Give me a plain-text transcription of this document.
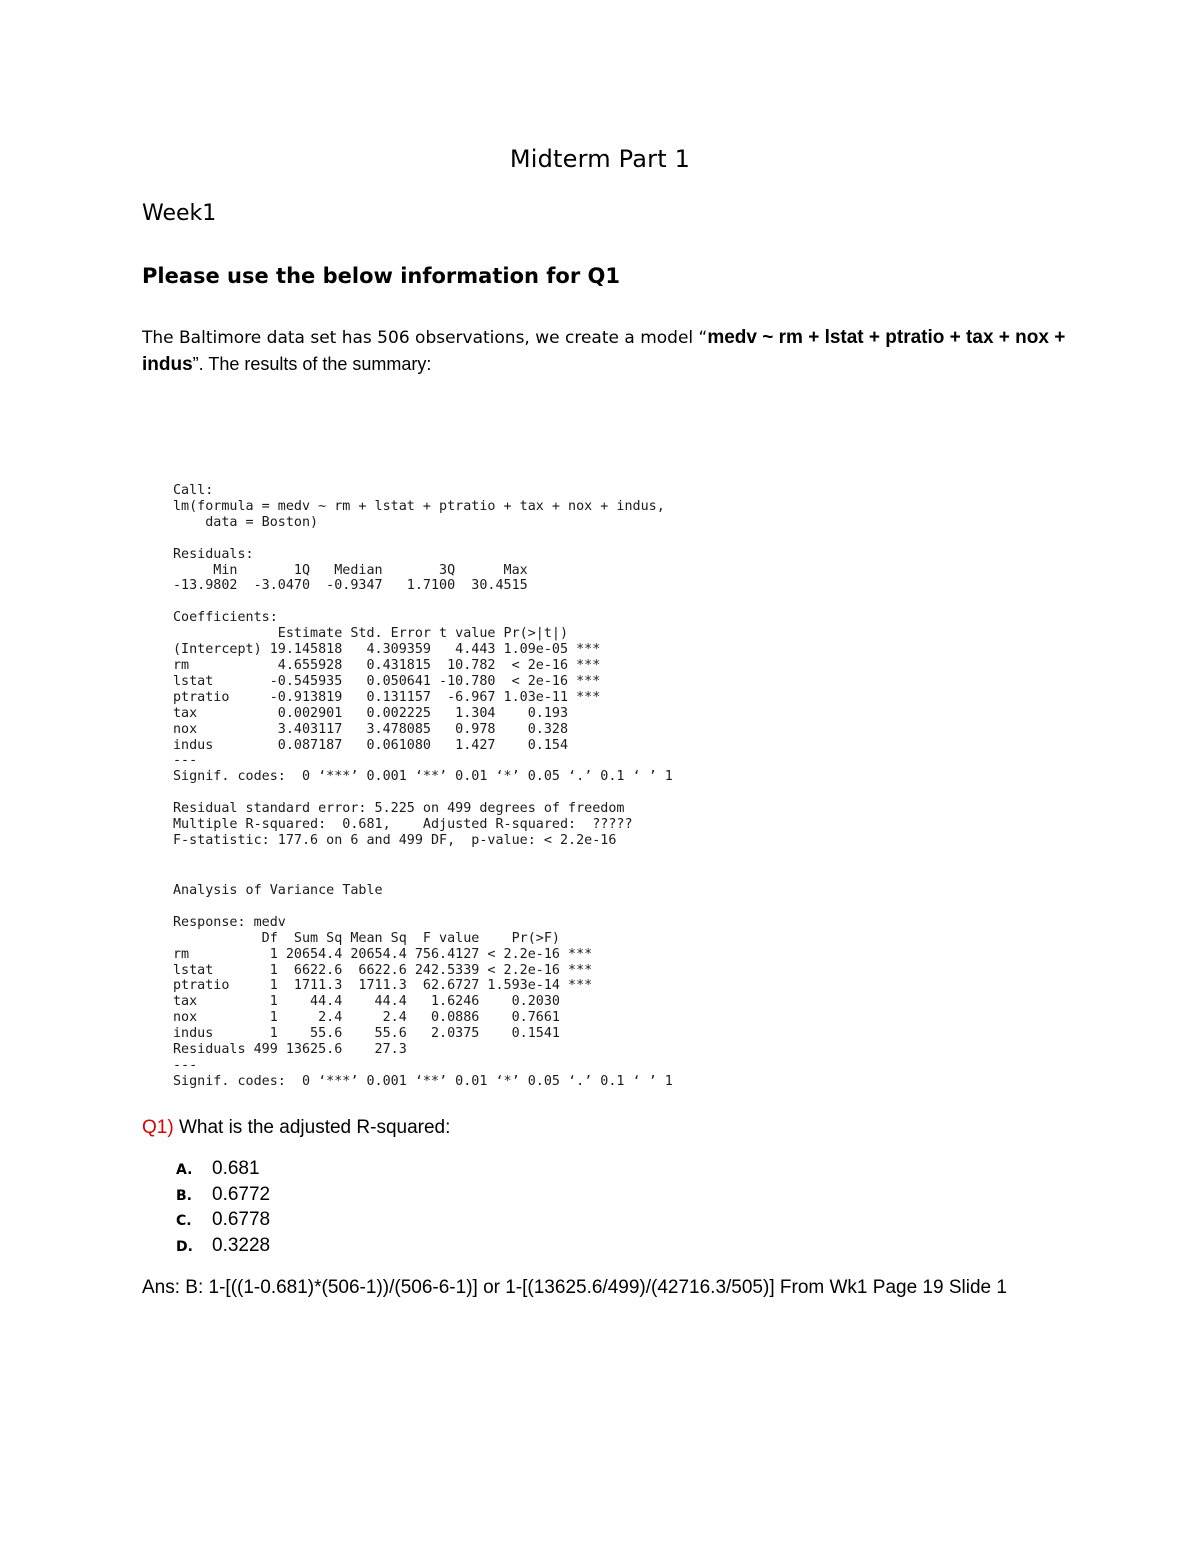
Midterm Part 1
Week1
Please use the below information for Q1
The Baltimore data set has 506 observations, we create a model “medv ~ rm + lstat + ptratio + tax + nox + indus”. The results of the summary:
Call:
lm(formula = medv ~ rm + lstat + ptratio + tax + nox + indus,
data = Boston)

Residuals:
Min       1Q   Median       3Q      Max
-13.9802  -3.0470  -0.9347   1.7100  30.4515

Coefficients:
Estimate Std. Error t value Pr(>|t|)
(Intercept) 19.145818   4.309359   4.443 1.09e-05 ***
rm           4.655928   0.431815  10.782  < 2e-16 ***
lstat       -0.545935   0.050641 -10.780  < 2e-16 ***
ptratio     -0.913819   0.131157  -6.967 1.03e-11 ***
tax          0.002901   0.002225   1.304    0.193
nox          3.403117   3.478085   0.978    0.328
indus        0.087187   0.061080   1.427    0.154
---
Signif. codes:  0 ‘***’ 0.001 ‘**’ 0.01 ‘*’ 0.05 ‘.’ 0.1 ‘ ’ 1

Residual standard error: 5.225 on 499 degrees of freedom
Multiple R-squared:  0.681,    Adjusted R-squared:  ?????
F-statistic: 177.6 on 6 and 499 DF,  p-value: < 2.2e-16
Analysis of Variance Table

Response: medv
Df  Sum Sq Mean Sq  F value    Pr(>F)
rm          1 20654.4 20654.4 756.4127 < 2.2e-16 ***
lstat       1  6622.6  6622.6 242.5339 < 2.2e-16 ***
ptratio     1  1711.3  1711.3  62.6727 1.593e-14 ***
tax         1    44.4    44.4   1.6246    0.2030
nox         1     2.4     2.4   0.0886    0.7661
indus       1    55.6    55.6   2.0375    0.1541
Residuals 499 13625.6    27.3
---
Signif. codes:  0 ‘***’ 0.001 ‘**’ 0.01 ‘*’ 0.05 ‘.’ 0.1 ‘ ’ 1
Q1) What is the adjusted R-squared:
A.	0.681
B.	0.6772
C.	0.6778
D.	0.3228
Ans: B: 1-[((1-0.681)*(506-1))/(506-6-1)] or 1-[(13625.6/499)/(42716.3/505)] From Wk1 Page 19 Slide 1
